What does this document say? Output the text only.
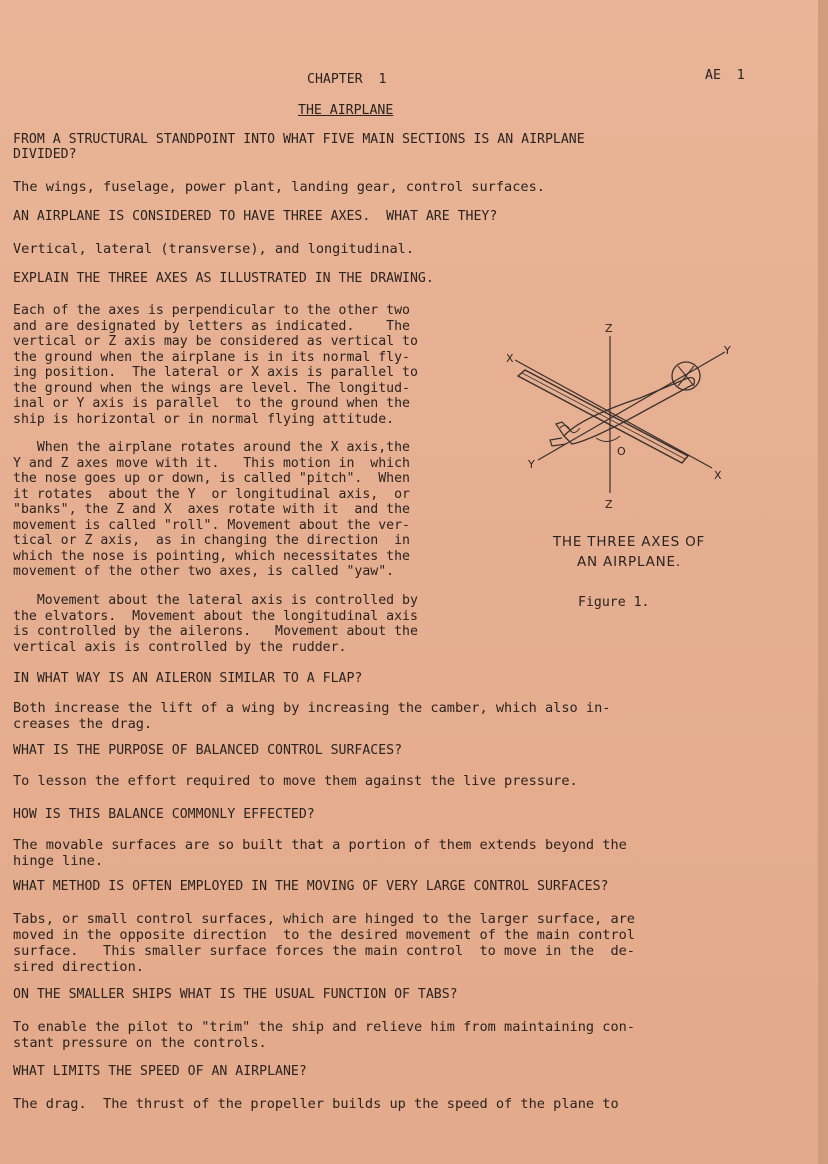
CHAPTER  1	AE  1
THE AIRPLANE
FROM A STRUCTURAL STANDPOINT INTO WHAT FIVE MAIN SECTIONS IS AN AIRPLANE
DIVIDED?
The wings, fuselage, power plant, landing gear, control surfaces.
AN AIRPLANE IS CONSIDERED TO HAVE THREE AXES.  WHAT ARE THEY?
Vertical, lateral (transverse), and longitudinal.
EXPLAIN THE THREE AXES AS ILLUSTRATED IN THE DRAWING.
Each of the axes is perpendicular to the other two
and are designated by letters as indicated.    The
vertical or Z axis may be considered as vertical to
the ground when the airplane is in its normal fly-
ing position.  The lateral or X axis is parallel to
the ground when the wings are level. The longitud-
inal or Y axis is parallel  to the ground when the
ship is horizontal or in normal flying attitude.
When the airplane rotates around the X axis,the
Y and Z axes move with it.   This motion in  which
the nose goes up or down, is called "pitch".  When
it rotates  about the Y  or longitudinal axis,  or
"banks", the Z and X  axes rotate with it  and the
movement is called "roll". Movement about the ver-
tical or Z axis,  as in changing the direction  in
which the nose is pointing, which necessitates the
movement of the other two axes, is called "yaw".
Movement about the lateral axis is controlled by
the elvators.  Movement about the longitudinal axis
is controlled by the ailerons.   Movement about the
vertical axis is controlled by the rudder.
Z
Z
X
X
Y
Y
O
THE THREE AXES OF
AN AIRPLANE.
Figure 1.
IN WHAT WAY IS AN AILERON SIMILAR TO A FLAP?
Both increase the lift of a wing by increasing the camber, which also in-
creases the drag.
WHAT IS THE PURPOSE OF BALANCED CONTROL SURFACES?
To lesson the effort required to move them against the live pressure.
HOW IS THIS BALANCE COMMONLY EFFECTED?
The movable surfaces are so built that a portion of them extends beyond the
hinge line.
WHAT METHOD IS OFTEN EMPLOYED IN THE MOVING OF VERY LARGE CONTROL SURFACES?
Tabs, or small control surfaces, which are hinged to the larger surface, are
moved in the opposite direction  to the desired movement of the main control
surface.   This smaller surface forces the main control  to move in the  de-
sired direction.
ON THE SMALLER SHIPS WHAT IS THE USUAL FUNCTION OF TABS?
To enable the pilot to "trim" the ship and relieve him from maintaining con-
stant pressure on the controls.
WHAT LIMITS THE SPEED OF AN AIRPLANE?
The drag.  The thrust of the propeller builds up the speed of the plane to
